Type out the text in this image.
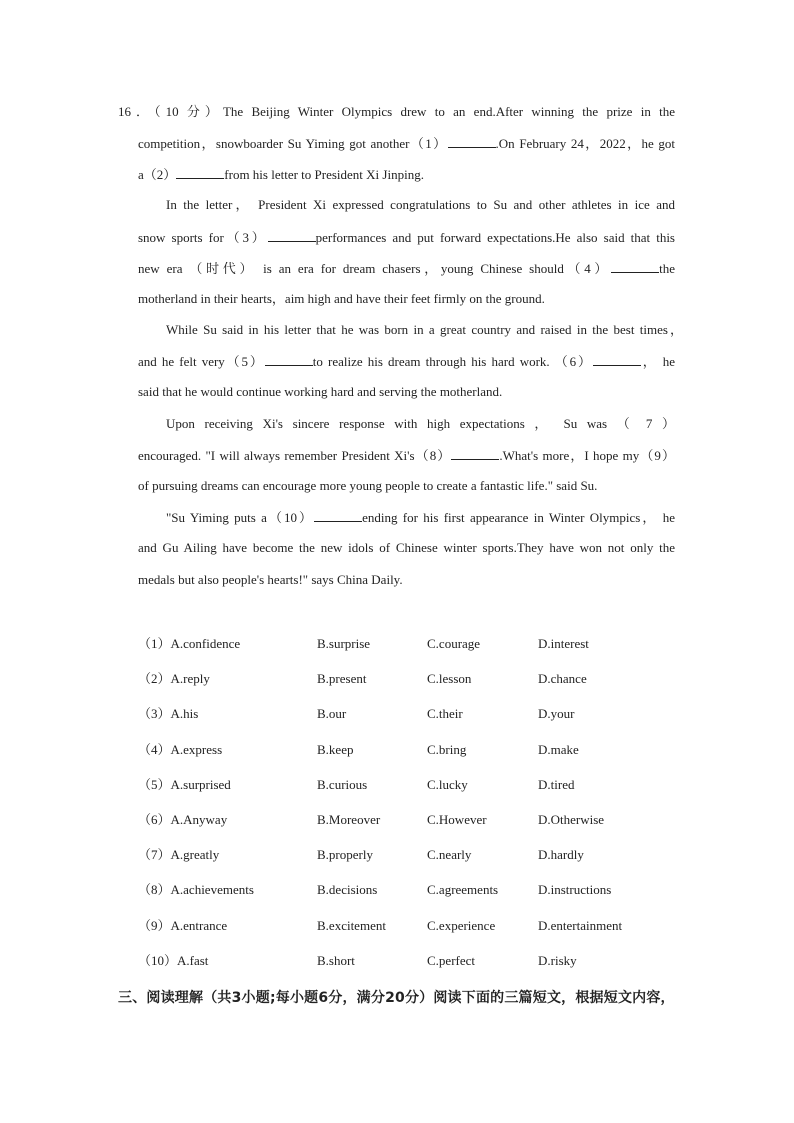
16．（10 分）The Beijing Winter Olympics drew to an end.After winning the prize in the
competition，snowboarder Su Yiming got another（1）	.On February 24，2022，he got
a（2）	from his letter to President Xi Jinping.
In the letter， President Xi expressed congratulations to Su and other athletes in ice and
snow sports for（3）	performances and put forward expectations.He also said that this
new era （时代） is an era for dream chasers，young Chinese should（4）	the
motherland in their hearts，aim high and have their feet firmly on the ground.
While Su said in his letter that he was born in a great country and raised in the best times，
and he felt very（5）	to realize his dream through his hard work. （6）	， he
said that he would continue working hard and serving the motherland.
Upon receiving Xi's sincere response with high expectations ， Su was （ 7 ）
encouraged. "I will always remember President Xi's（8）	.What's more，I hope my（9）
of pursuing dreams can encourage more young people to create a fantastic life." said Su.
"Su Yiming puts a（10）	ending for his first appearance in Winter Olympics， he
and Gu Ailing have become the new idols of Chinese winter sports.They have won not only the
medals but also people's hearts!" says China Daily.
（1）A.confidence	B.surprise	C.courage	D.interest
（2）A.reply	B.present	C.lesson	D.chance
（3）A.his	B.our	C.their	D.your
（4）A.express	B.keep	C.bring	D.make
（5）A.surprised	B.curious	C.lucky	D.tired
（6）A.Anyway	B.Moreover	C.However	D.Otherwise
（7）A.greatly	B.properly	C.nearly	D.hardly
（8）A.achievements	B.decisions	C.agreements	D.instructions
（9）A.entrance	B.excitement	C.experience	D.entertainment
（10）A.fast	B.short	C.perfect	D.risky
三、阅读理解（共3小题;每小题6分，满分20分）阅读下面的三篇短文，根据短文内容，
